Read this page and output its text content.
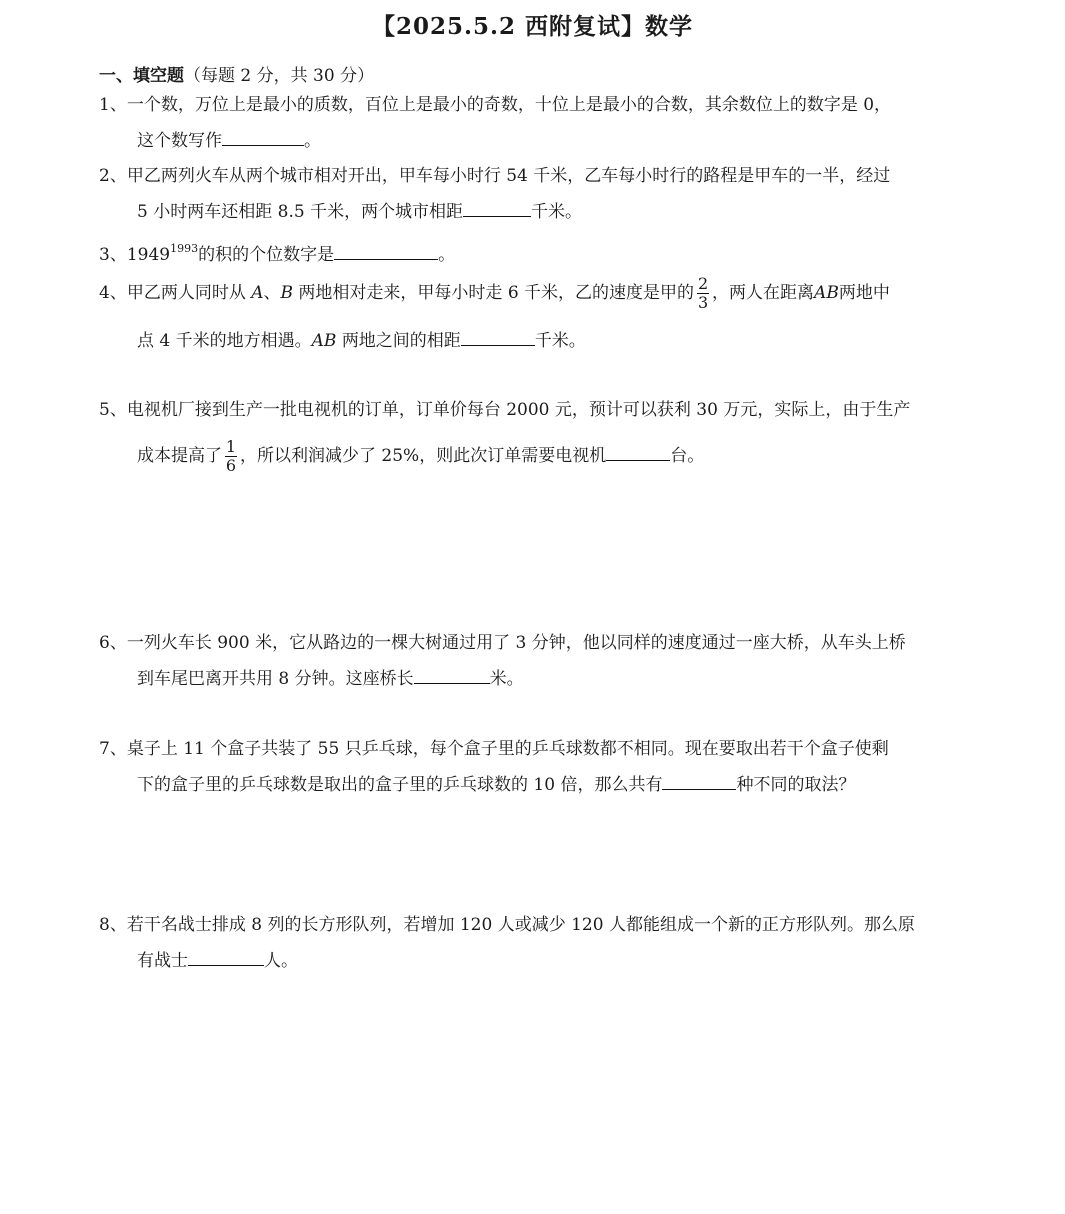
【2025.5.2 西附复试】数学
一、填空题（每题 2 分，共 30 分）
1、一个数，万位上是最小的质数，百位上是最小的奇数，十位上是最小的合数，其余数位上的数字是 0，
这个数写作	。
2、甲乙两列火车从两个城市相对开出，甲车每小时行 54 千米，乙车每小时行的路程是甲车的一半，经过
5 小时两车还相距 8.5 千米，两个城市相距	千米。
3、$1949^{1993}$的积的个位数字是	。
4、甲乙两人同时从 A、B 两地相对走来，甲每小时走 6 千米，乙的速度是甲的 $\frac{2}{3}$ ，两人在距离AB两地中
点 4 千米的地方相遇。AB 两地之间的相距	千米。
5、电视机厂接到生产一批电视机的订单，订单价每台 2000 元，预计可以获利 30 万元，实际上，由于生产
成本提高了 $\frac{1}{6}$ ，所以利润减少了 25%，则此次订单需要电视机	台。
6、一列火车长 900 米，它从路边的一棵大树通过用了 3 分钟，他以同样的速度通过一座大桥，从车头上桥
到车尾巴离开共用 8 分钟。这座桥长	米。
7、桌子上 11 个盒子共装了 55 只乒乓球，每个盒子里的乒乓球数都不相同。现在要取出若干个盒子使剩
下的盒子里的乒乓球数是取出的盒子里的乒乓球数的 10 倍，那么共有	种不同的取法？
8、若干名战士排成 8 列的长方形队列，若增加 120 人或减少 120 人都能组成一个新的正方形队列。那么原
有战士	人。
